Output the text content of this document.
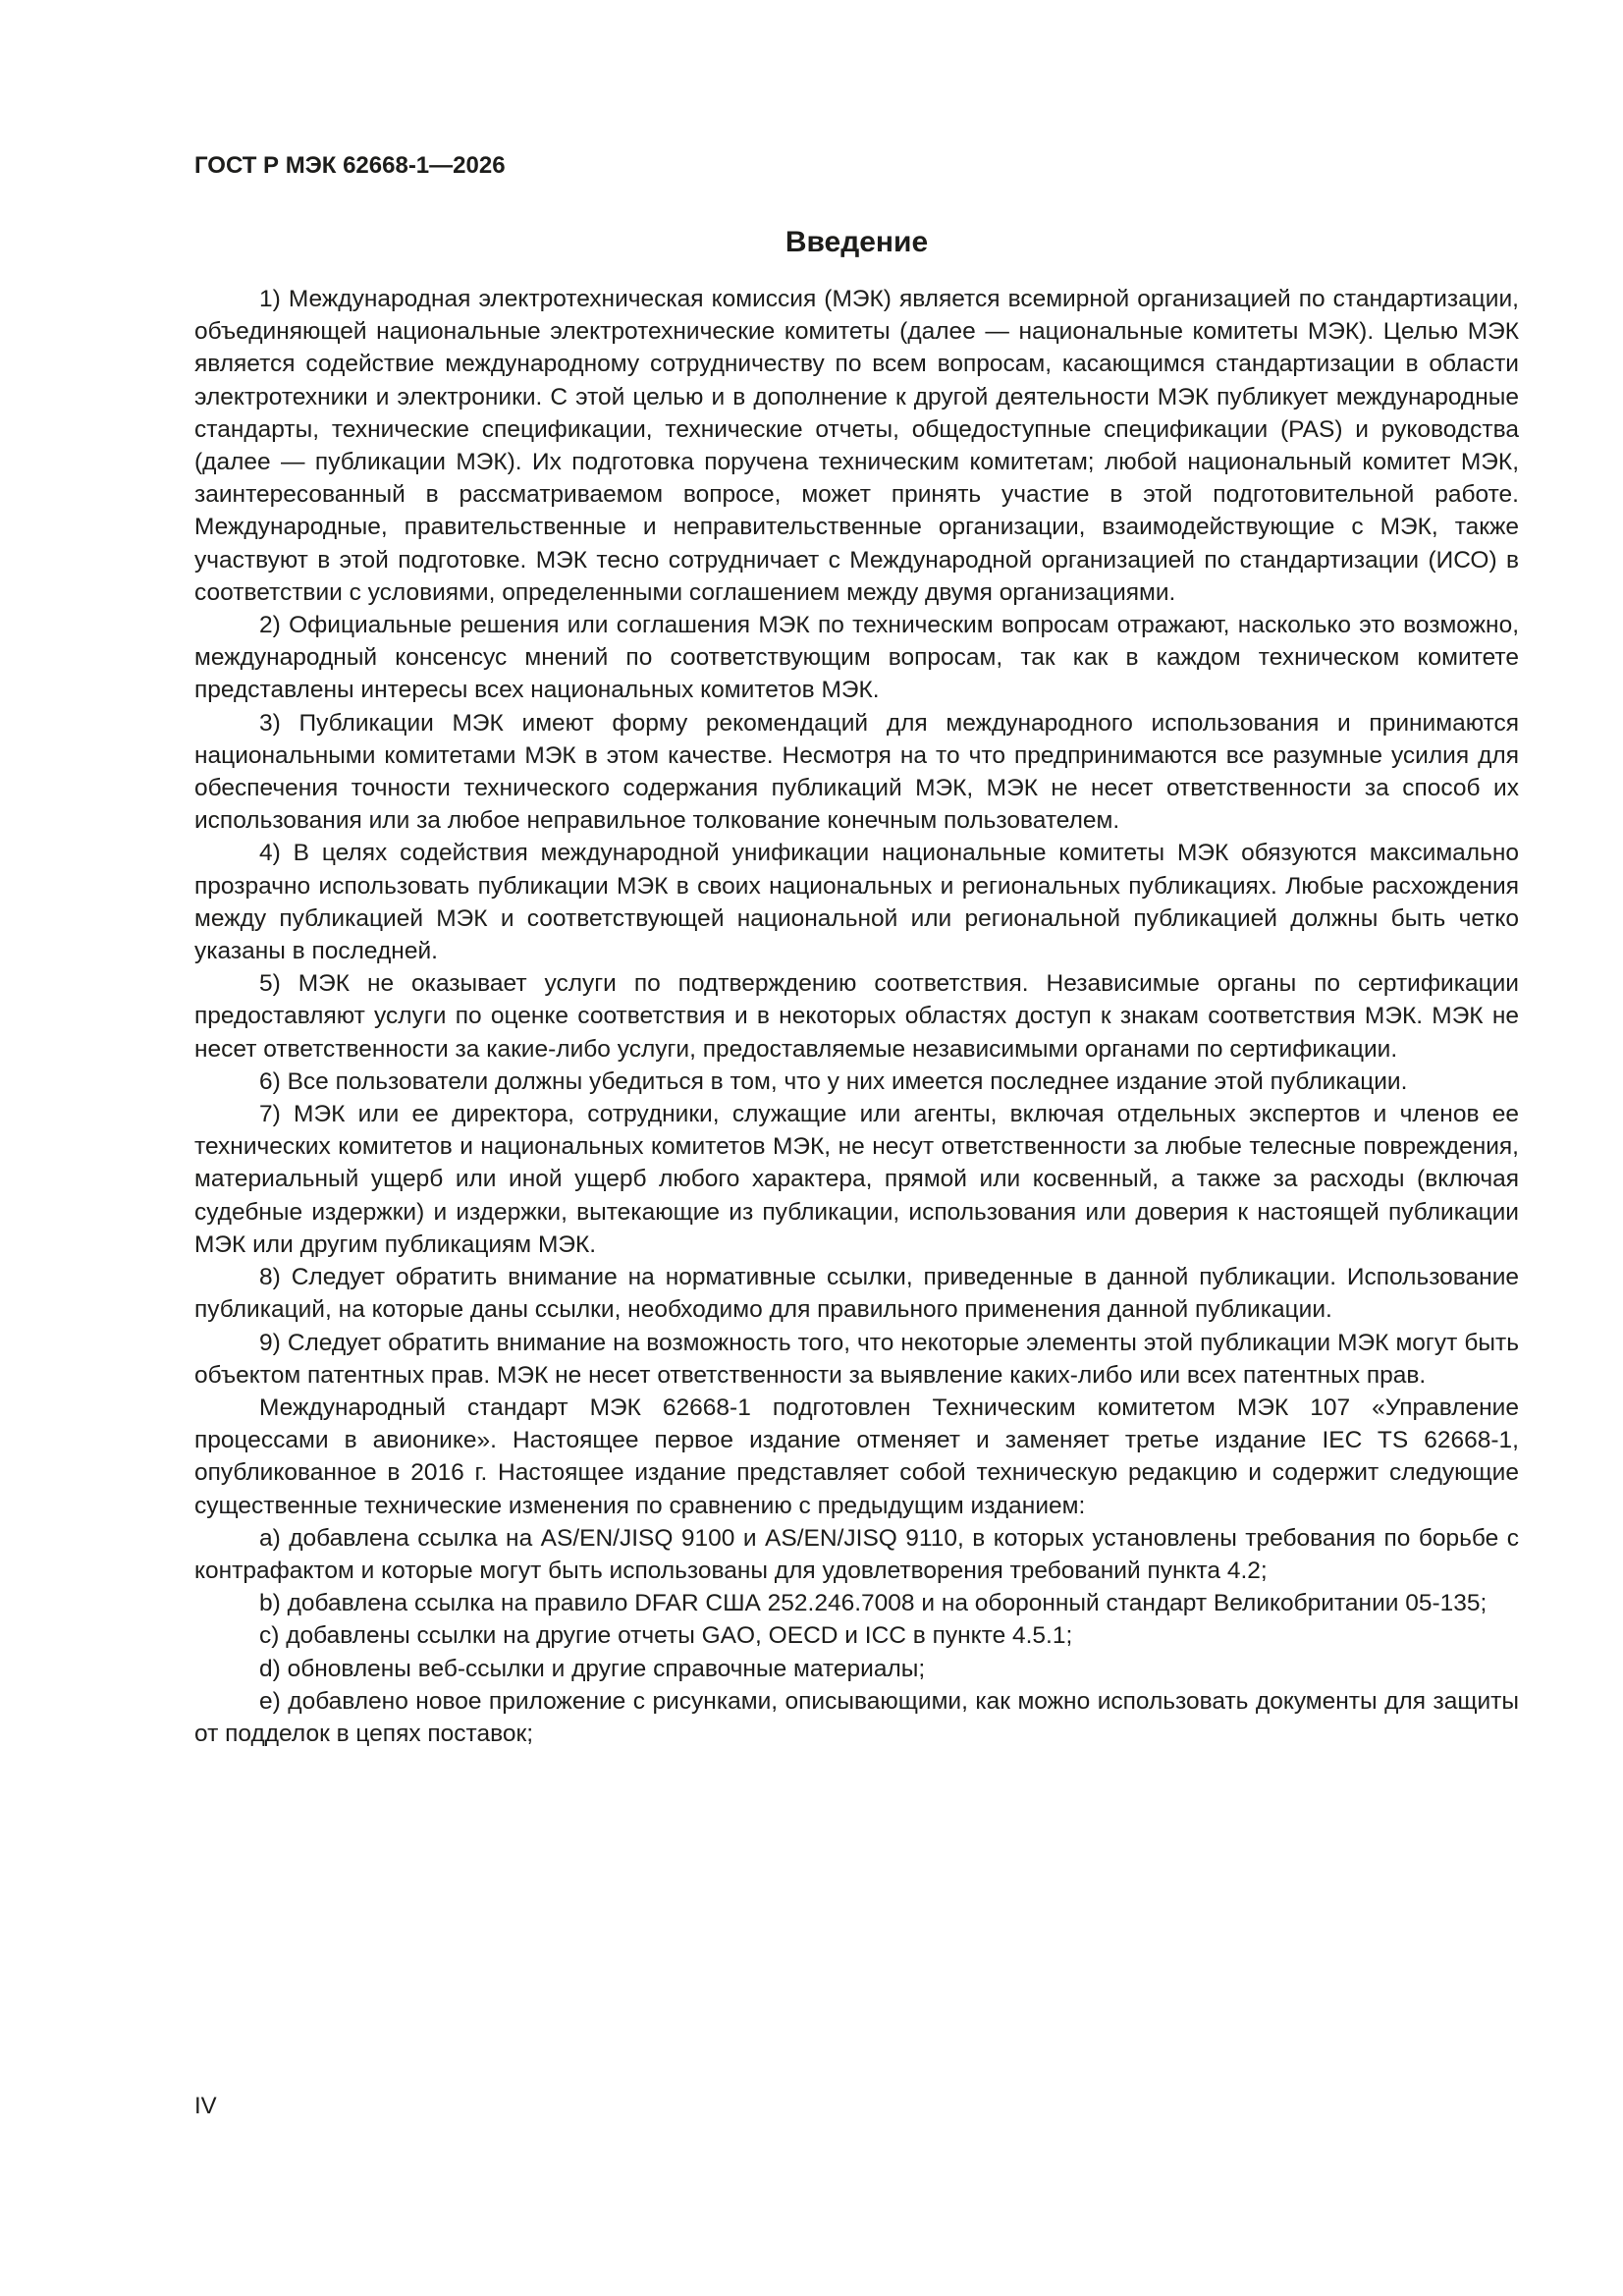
ГОСТ Р МЭК 62668-1—2026
Введение

1) Международная электротехническая комиссия (МЭК) является всемирной организацией по стандартизации, объединяющей национальные электротехнические комитеты (далее — национальные комитеты МЭК). Целью МЭК является содействие международному сотрудничеству по всем вопросам, касающимся стандартизации в области электротехники и электроники. С этой целью и в дополнение к другой деятельности МЭК публикует международные стандарты, технические спецификации, технические отчеты, общедоступные спецификации (PAS) и руководства (далее — публикации МЭК). Их подготовка поручена техническим комитетам; любой национальный комитет МЭК, заинтересованный в рассматриваемом вопросе, может принять участие в этой подготовительной работе. Международные, правительственные и неправительственные организации, взаимодействующие с МЭК, также участвуют в этой подготовке. МЭК тесно сотрудничает с Международной организацией по стандартизации (ИСО) в соответствии с условиями, определенными соглашением между двумя организациями.

2) Официальные решения или соглашения МЭК по техническим вопросам отражают, насколько это возможно, международный консенсус мнений по соответствующим вопросам, так как в каждом техническом комитете представлены интересы всех национальных комитетов МЭК.

3) Публикации МЭК имеют форму рекомендаций для международного использования и принимаются национальными комитетами МЭК в этом качестве. Несмотря на то что предпринимаются все разумные усилия для обеспечения точности технического содержания публикаций МЭК, МЭК не несет ответственности за способ их использования или за любое неправильное толкование конечным пользователем.

4) В целях содействия международной унификации национальные комитеты МЭК обязуются максимально прозрачно использовать публикации МЭК в своих национальных и региональных публикациях. Любые расхождения между публикацией МЭК и соответствующей национальной или региональной публикацией должны быть четко указаны в последней.

5) МЭК не оказывает услуги по подтверждению соответствия. Независимые органы по сертификации предоставляют услуги по оценке соответствия и в некоторых областях доступ к знакам соответствия МЭК. МЭК не несет ответственности за какие-либо услуги, предоставляемые независимыми органами по сертификации.

6) Все пользователи должны убедиться в том, что у них имеется последнее издание этой публикации.

7) МЭК или ее директора, сотрудники, служащие или агенты, включая отдельных экспертов и членов ее технических комитетов и национальных комитетов МЭК, не несут ответственности за любые телесные повреждения, материальный ущерб или иной ущерб любого характера, прямой или косвенный, а также за расходы (включая судебные издержки) и издержки, вытекающие из публикации, использования или доверия к настоящей публикации МЭК или другим публикациям МЭК.

8) Следует обратить внимание на нормативные ссылки, приведенные в данной публикации. Использование публикаций, на которые даны ссылки, необходимо для правильного применения данной публикации.

9) Следует обратить внимание на возможность того, что некоторые элементы этой публикации МЭК могут быть объектом патентных прав. МЭК не несет ответственности за выявление каких-либо или всех патентных прав.

Международный стандарт МЭК 62668-1 подготовлен Техническим комитетом МЭК 107 «Управление процессами в авионике». Настоящее первое издание отменяет и заменяет третье издание IEC TS 62668-1, опубликованное в 2016 г. Настоящее издание представляет собой техническую редакцию и содержит следующие существенные технические изменения по сравнению с предыдущим изданием:

a) добавлена ссылка на AS/EN/JISQ 9100 и AS/EN/JISQ 9110, в которых установлены требования по борьбе с контрафактом и которые могут быть использованы для удовлетворения требований пункта 4.2;

b) добавлена ссылка на правило DFAR США 252.246.7008 и на оборонный стандарт Великобритании 05-135;

c) добавлены ссылки на другие отчеты GAO, OECD и ICC в пункте 4.5.1;

d) обновлены веб-ссылки и другие справочные материалы;

e) добавлено новое приложение с рисунками, описывающими, как можно использовать документы для защиты от подделок в цепях поставок;

IV
